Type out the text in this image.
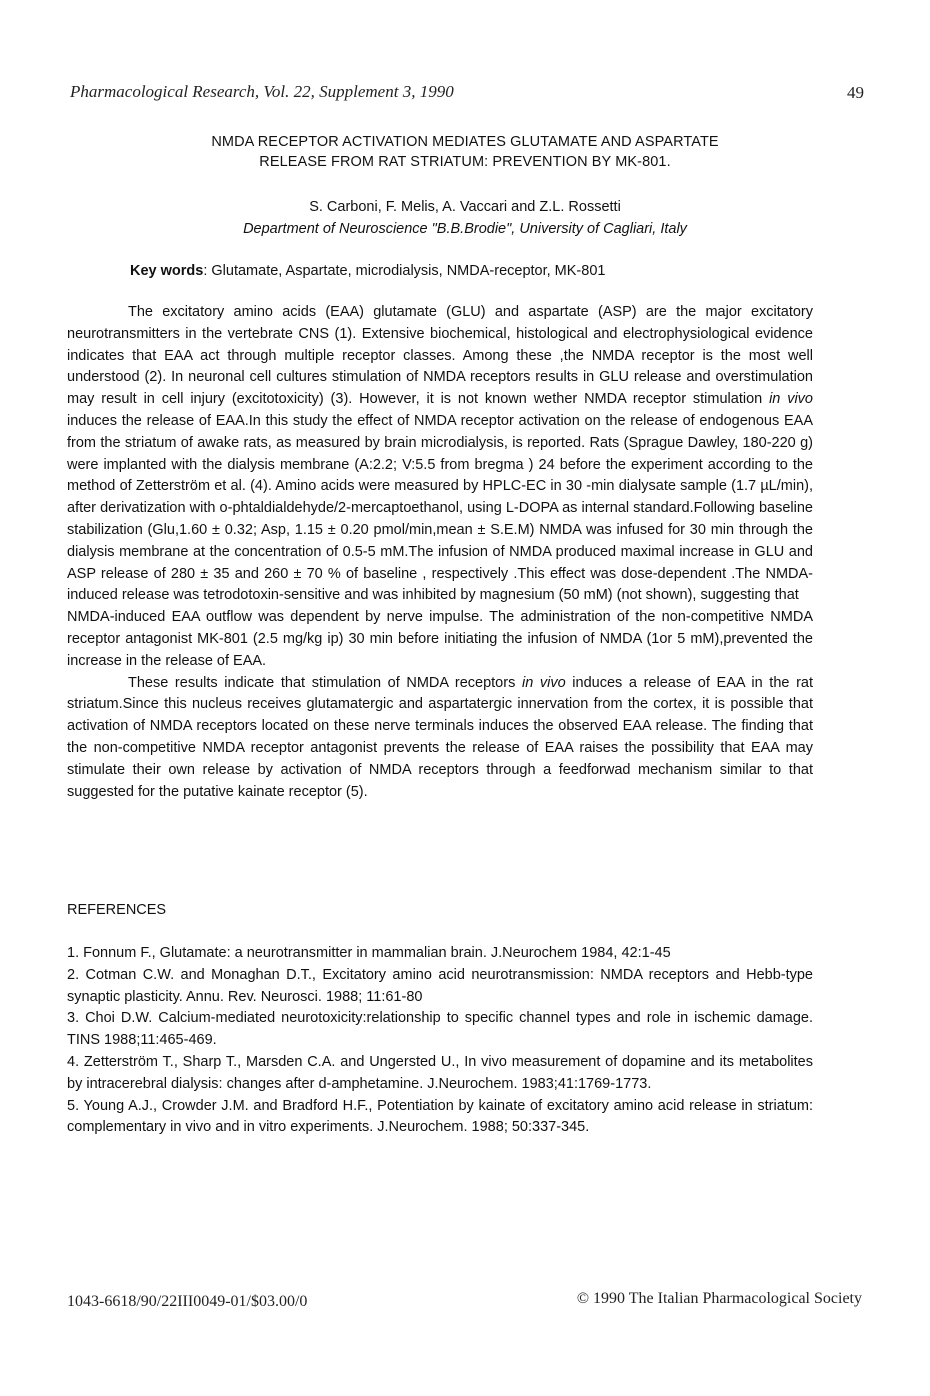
Pharmacological Research, Vol. 22, Supplement 3, 1990	49
NMDA RECEPTOR ACTIVATION MEDIATES GLUTAMATE AND ASPARTATE
RELEASE FROM RAT STRIATUM: PREVENTION BY MK-801.
S. Carboni, F. Melis, A. Vaccari and Z.L. Rossetti
Department of Neuroscience "B.B.Brodie", University of Cagliari, Italy
Key words: Glutamate, Aspartate, microdialysis, NMDA-receptor, MK-801

The excitatory amino acids (EAA) glutamate (GLU) and aspartate (ASP) are the major excitatory neurotransmitters in the vertebrate CNS (1). Extensive biochemical, histological and electrophysiological evidence indicates that EAA act through multiple receptor classes. Among these ,the NMDA receptor is the most well understood (2). In neuronal cell cultures stimulation of NMDA receptors results in GLU release and overstimulation may result in cell injury (excitotoxicity) (3). However, it is not known wether NMDA receptor stimulation in vivo induces the release of EAA.In this study the effect of NMDA receptor activation on the release of endogenous EAA from the striatum of awake rats, as measured by brain microdialysis, is reported. Rats (Sprague Dawley, 180-220 g) were implanted with the dialysis membrane (A:2.2; V:5.5 from bregma ) 24 before the experiment according to the method of Zetterström et al. (4). Amino acids were measured by HPLC-EC in 30 -min dialysate sample (1.7 µL/min), after derivatization with o-phtaldialdehyde/2-mercaptoethanol, using L-DOPA as internal standard.Following baseline stabilization (Glu,1.60 ± 0.32; Asp, 1.15 ± 0.20 pmol/min,mean ± S.E.M) NMDA was infused for 30 min through the dialysis membrane at the concentration of 0.5-5 mM.The infusion of NMDA produced maximal increase in GLU and ASP release of 280 ± 35 and 260 ± 70 % of baseline , respectively .This effect was dose-dependent .The NMDA-induced release was tetrodotoxin-sensitive and was inhibited by magnesium (50 mM) (not shown), suggesting that

NMDA-induced EAA outflow was dependent by nerve impulse. The administration of the non-competitive NMDA receptor antagonist MK-801 (2.5 mg/kg ip) 30 min before initiating the infusion of NMDA (1or 5 mM),prevented the increase in the release of EAA.

These results indicate that stimulation of NMDA receptors in vivo induces a release of EAA in the rat striatum.Since this nucleus receives glutamatergic and aspartatergic innervation from the cortex, it is possible that activation of NMDA receptors located on these nerve terminals induces the observed EAA release. The finding that the non-competitive NMDA receptor antagonist prevents the release of EAA raises the possibility that EAA may stimulate their own release by activation of NMDA receptors through a feedforwad mechanism similar to that suggested for the putative kainate receptor (5).

REFERENCES

1. Fonnum F., Glutamate: a neurotransmitter in mammalian brain. J.Neurochem 1984, 42:1-45

2. Cotman C.W. and Monaghan D.T., Excitatory amino acid neurotransmission: NMDA receptors and Hebb-type synaptic plasticity. Annu. Rev. Neurosci. 1988; 11:61-80

3. Choi D.W. Calcium-mediated neurotoxicity:relationship to specific channel types and role in ischemic damage. TINS 1988;11:465-469.

4. Zetterström T., Sharp T., Marsden C.A. and Ungersted U., In vivo measurement of dopamine and its metabolites by intracerebral dialysis: changes after d-amphetamine. J.Neurochem. 1983;41:1769-1773.

5. Young A.J., Crowder J.M. and Bradford H.F., Potentiation by kainate of excitatory amino acid release in striatum: complementary in vivo and in vitro experiments. J.Neurochem. 1988; 50:337-345.

1043-6618/90/22III0049-01/$03.00/0	© 1990 The Italian Pharmacological Society
